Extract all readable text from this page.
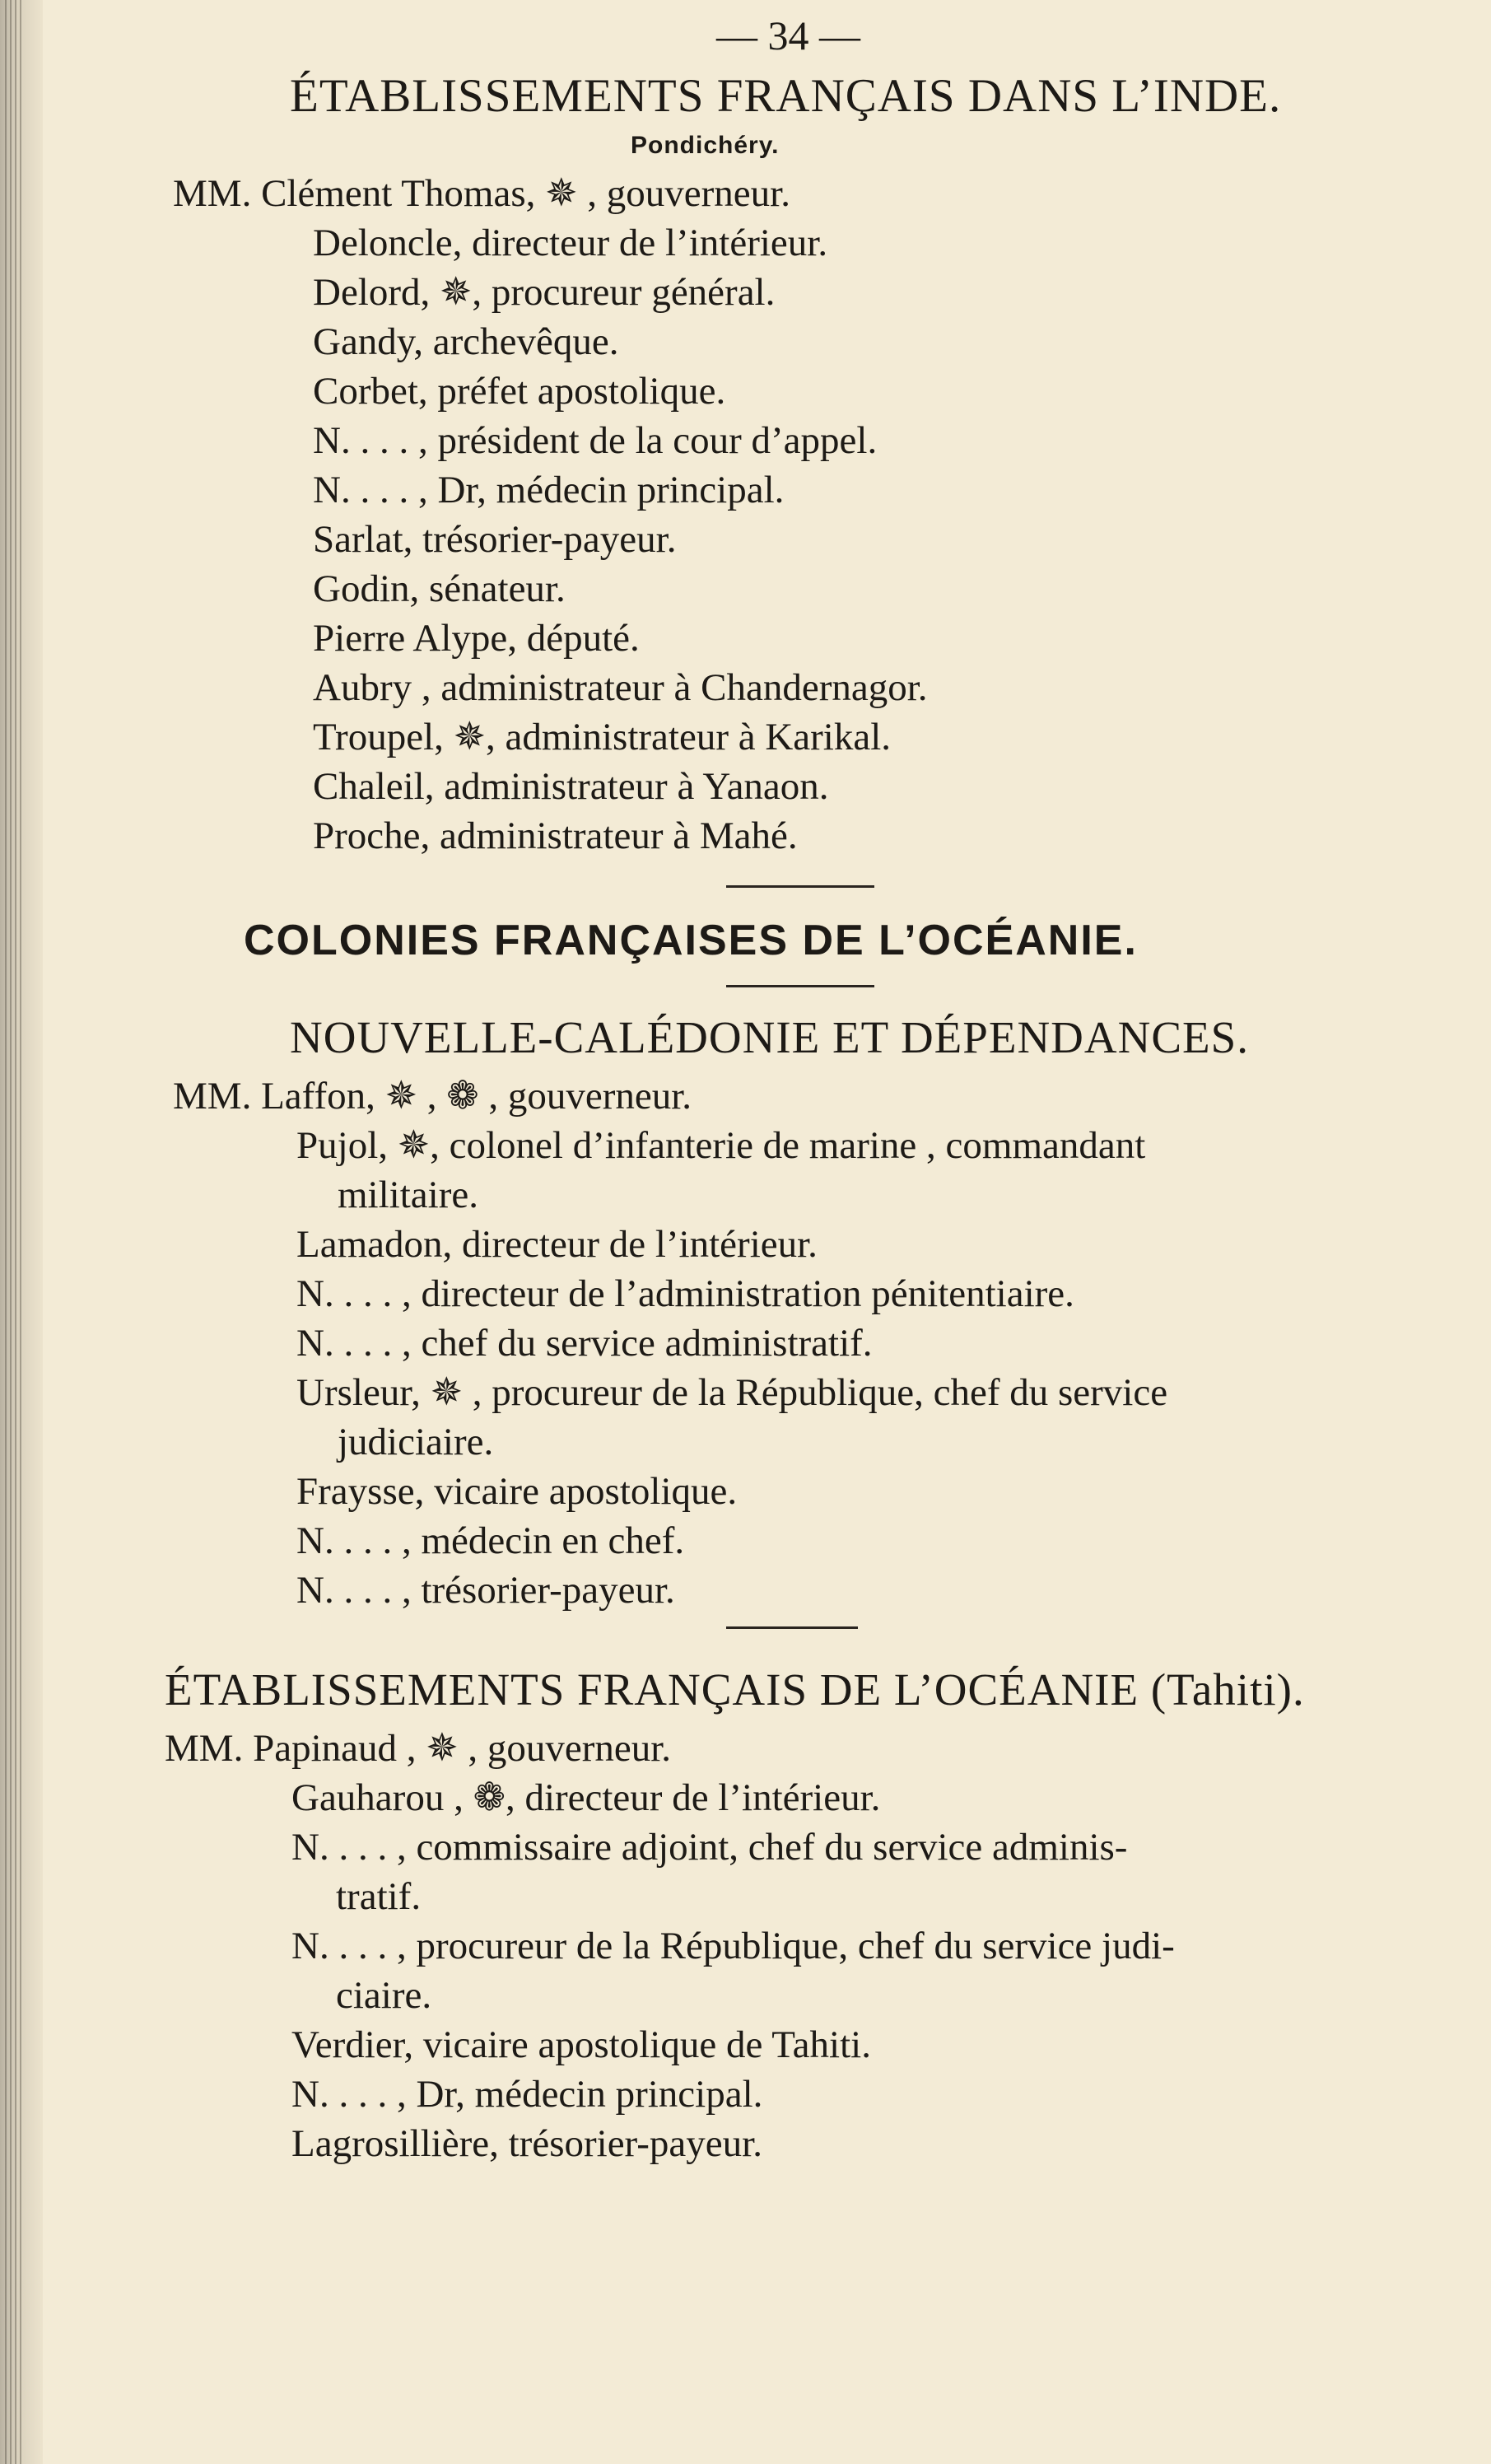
— 34 —
ÉTABLISSEMENTS FRANÇAIS DANS L’INDE.
Pondichéry.
MM. Clément Thomas, ✵ , gouverneur.
Deloncle, directeur de l’intérieur.
Delord, ✵, procureur général.
Gandy, archevêque.
Corbet, préfet apostolique.
N. . . . , président de la cour d’appel.
N. . . . , Dr, médecin principal.
Sarlat, trésorier-payeur.
Godin, sénateur.
Pierre Alype, député.
Aubry , administrateur à Chandernagor.
Troupel, ✵, administrateur à Karikal.
Chaleil, administrateur à Yanaon.
Proche, administrateur à Mahé.
COLONIES FRANÇAISES DE L’OCÉANIE.
NOUVELLE-CALÉDONIE ET DÉPENDANCES.
MM. Laffon, ✵ , ❁ , gouverneur.
Pujol, ✵, colonel d’infanterie de marine , commandant
militaire.
Lamadon, directeur de l’intérieur.
N. . . . , directeur de l’administration pénitentiaire.
N. . . . , chef du service administratif.
Ursleur, ✵ , procureur de la République, chef du service
judiciaire.
Fraysse, vicaire apostolique.
N. . . . , médecin en chef.
N. . . . , trésorier-payeur.
ÉTABLISSEMENTS FRANÇAIS DE L’OCÉANIE (Tahiti).
MM. Papinaud , ✵ , gouverneur.
Gauharou , ❁, directeur de l’intérieur.
N. . . . , commissaire adjoint, chef du service adminis-
tratif.
N. . . . , procureur de la République, chef du service judi-
ciaire.
Verdier, vicaire apostolique de Tahiti.
N. . . . , Dr, médecin principal.
Lagrosillière, trésorier-payeur.
